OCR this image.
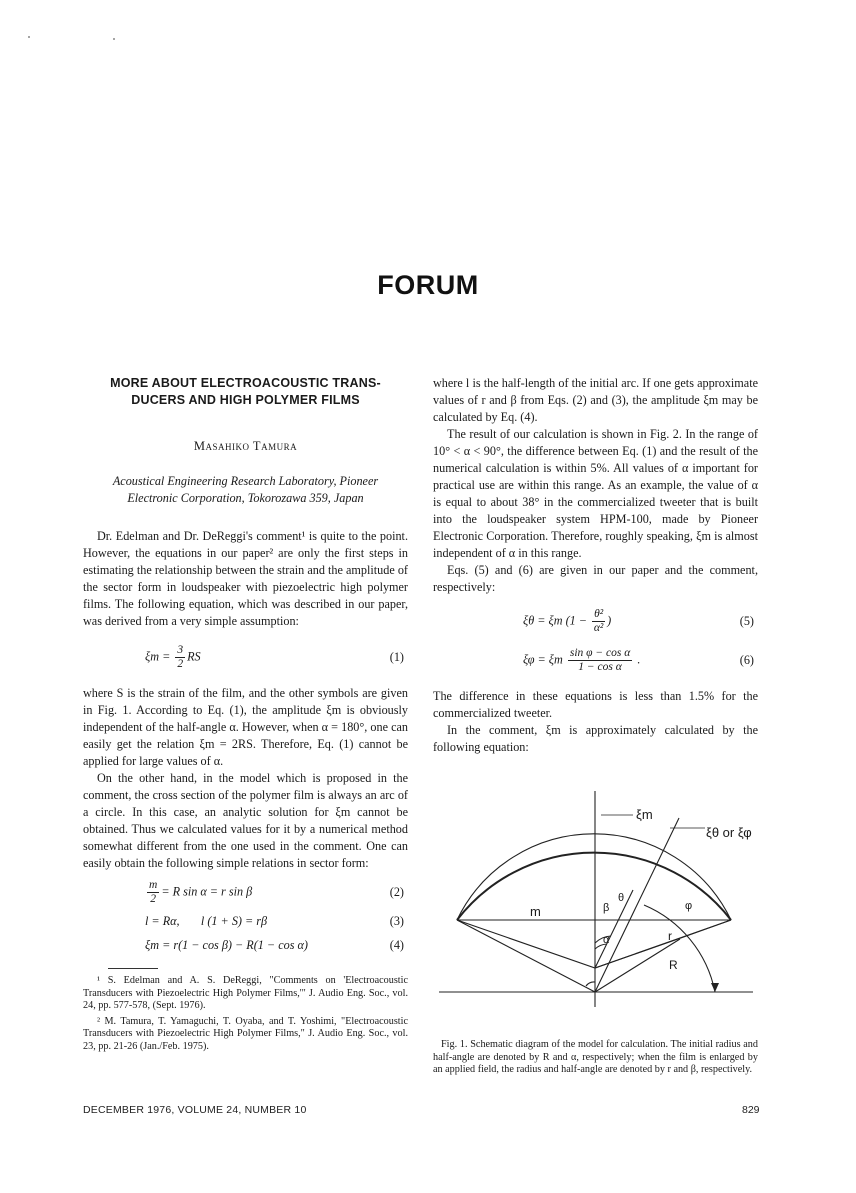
FORUM
MORE ABOUT ELECTROACOUSTIC TRANS-DUCERS AND HIGH POLYMER FILMS
Masahiko Tamura
Acoustical Engineering Research Laboratory, Pioneer Electronic Corporation, Tokorozawa 359, Japan

Dr. Edelman and Dr. DeReggi's comment¹ is quite to the point. However, the equations in our paper² are only the first steps in estimating the relationship between the strain and the amplitude of the sector form in loudspeaker with piezoelectric high polymer films. The following equation, which was described in our paper, was derived from a very simple assumption:

$\xi m = \frac{3}{2}$ RS	(1)

where S is the strain of the film, and the other symbols are given in Fig. 1. According to Eq. (1), the amplitude ξm is obviously independent of the half-angle α. However, when α = 180°, one can easily get the relation ξm = 2RS. Therefore, Eq. (1) cannot be applied for large values of α.

On the other hand, in the model which is proposed in the comment, the cross section of the polymer film is always an arc of a circle. In this case, an analytic solution for ξm cannot be obtained. Thus we calculated values for it by a numerical method somewhat different from the one used in the comment. One can easily obtain the following simple relations in sector form:

$\frac{m}{2} = R$ sin α = r sin β	(2)
l = Rα,       l (1 + S) = rβ	(3)
ξm = r(1 − cos β) − R(1 − cos α)	(4)
¹ S. Edelman and A. S. DeReggi, "Comments on 'Electroacoustic Transducers with Piezoelectric High Polymer Films,'" J. Audio Eng. Soc., vol. 24, pp. 577-578, (Sept. 1976).
² M. Tamura, T. Yamaguchi, T. Oyaba, and T. Yoshimi, "Electroacoustic Transducers with Piezoelectric High Polymer Films," J. Audio Eng. Soc., vol. 23, pp. 21-26 (Jan./Feb. 1975).

where l is the half-length of the initial arc. If one gets approximate values of r and β from Eqs. (2) and (3), the amplitude ξm may be calculated by Eq. (4).

The result of our calculation is shown in Fig. 2. In the range of 10° < α < 90°, the difference between Eq. (1) and the result of the numerical calculation is within 5%. All values of α important for practical use are within this range. As an example, the value of α is equal to about 38° in the commercialized tweeter that is built into the loudspeaker system HPM-100, made by Pioneer Electronic Corporation. Therefore, roughly speaking, ξm is almost independent of α in this range.

Eqs. (5) and (6) are given in our paper and the comment, respectively:

ξθ = ξm ($1 - \frac{\text{θ²}}{\text{α²}}$ )	(5)
ξφ = ξm $\frac{\text{sin φ − cos α}}{\text{1 − cos α}}$ .	(6)

The difference in these equations is less than 1.5% for the commercialized tweeter.

In the comment, ξm is approximately calculated by the following equation:

ξm
ξθ or ξφ
m
θ
β	φ
α	r
R
Fig. 1. Schematic diagram of the model for calculation. The initial radius and half-angle are denoted by R and α, respectively; when the film is enlarged by an applied field, the radius and half-angle are denoted by r and β, respectively.
DECEMBER 1976, VOLUME 24, NUMBER 10	829
